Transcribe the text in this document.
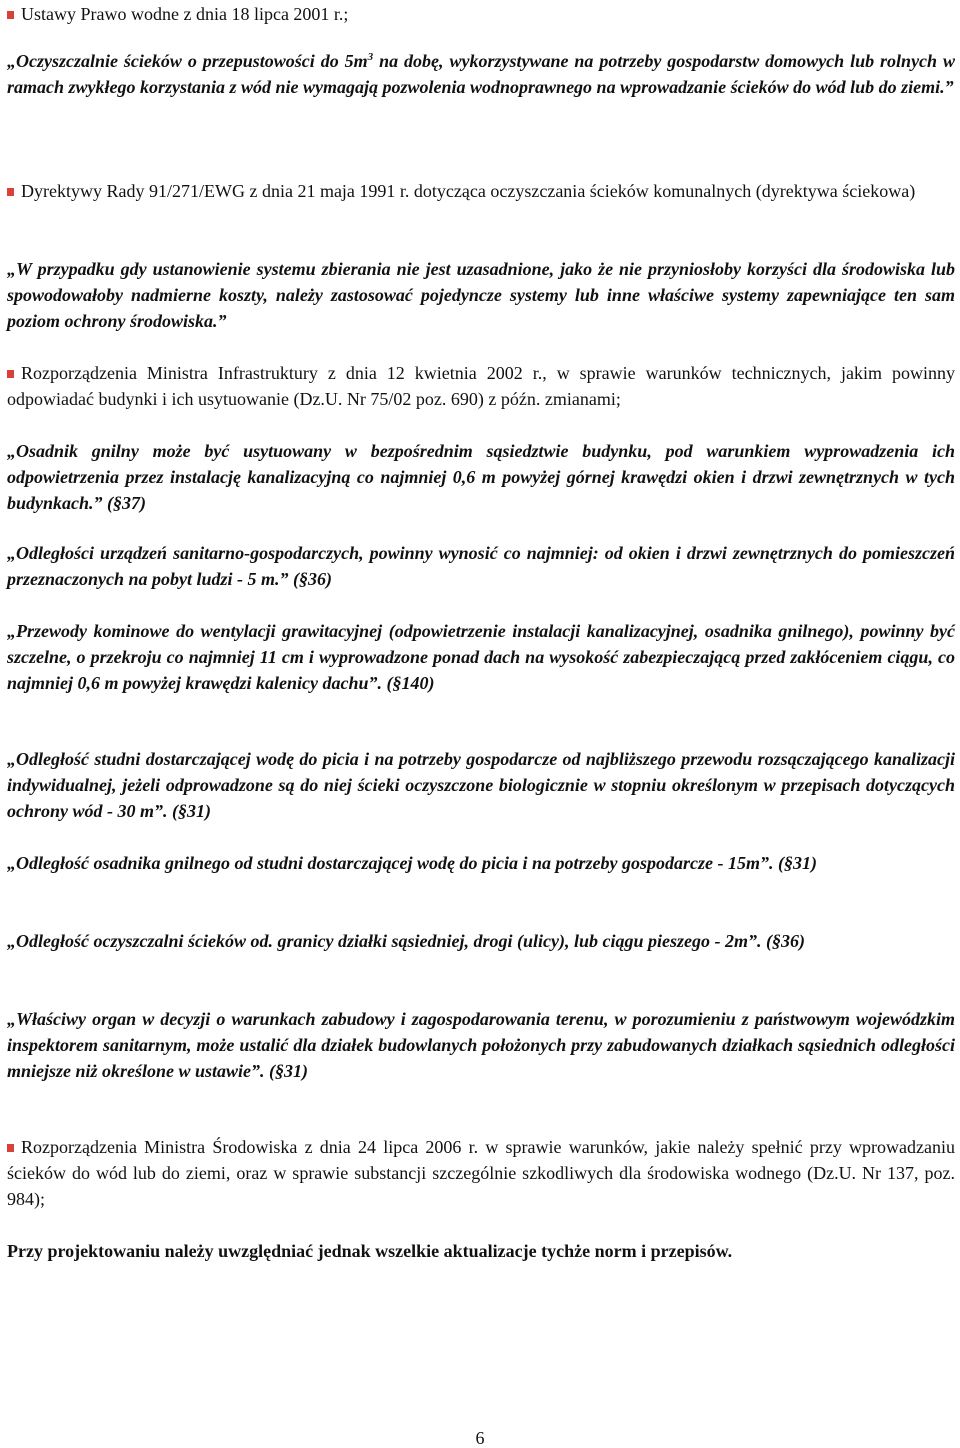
Ustawy Prawo wodne z dnia 18 lipca 2001 r.;

„Oczyszczalnie ścieków o przepustowości do $5m^3$ na dobę, wykorzystywane na potrzeby gospodarstw domowych lub rolnych w ramach zwykłego korzystania z wód nie wymagają pozwolenia wodnoprawnego na wprowadzanie ścieków do wód lub do ziemi.”

Dyrektywy Rady 91/271/EWG z dnia 21 maja 1991 r. dotycząca oczyszczania ścieków komunalnych (dyrektywa ściekowa)

„W przypadku gdy ustanowienie systemu zbierania nie jest uzasadnione, jako że nie przyniosłoby korzyści dla środowiska lub spowodowałoby nadmierne koszty, należy zastosować pojedyncze systemy lub inne właściwe systemy zapewniające ten sam poziom ochrony środowiska.”

Rozporządzenia Ministra Infrastruktury z dnia 12 kwietnia 2002 r., w sprawie warunków technicznych, jakim powinny odpowiadać budynki i ich usytuowanie (Dz.U. Nr 75/02 poz. 690) z późn. zmianami;

„Osadnik gnilny może być usytuowany w bezpośrednim sąsiedztwie budynku, pod warunkiem wyprowadzenia ich odpowietrzenia przez instalację kanalizacyjną co najmniej 0,6 m powyżej górnej krawędzi okien i drzwi zewnętrznych w tych budynkach.” (§37)

„Odległości urządzeń sanitarno-gospodarczych, powinny wynosić co najmniej: od okien i drzwi zewnętrznych do pomieszczeń przeznaczonych na pobyt ludzi - 5 m.” (§36)

„Przewody kominowe do wentylacji grawitacyjnej (odpowietrzenie instalacji kanalizacyjnej, osadnika gnilnego), powinny być szczelne, o przekroju co najmniej 11 cm i wyprowadzone ponad dach na wysokość zabezpieczającą przed zakłóceniem ciągu, co najmniej 0,6 m powyżej krawędzi kalenicy dachu”. (§140)

„Odległość studni dostarczającej wodę do picia i na potrzeby gospodarcze od najbliższego przewodu rozsączającego kanalizacji indywidualnej, jeżeli odprowadzone są do niej ścieki oczyszczone biologicznie w stopniu określonym w przepisach dotyczących ochrony wód - 30 m”. (§31)

„Odległość osadnika gnilnego od studni dostarczającej wodę do picia i na potrzeby gospodarcze - 15m”. (§31)

„Odległość oczyszczalni ścieków od. granicy działki sąsiedniej, drogi (ulicy), lub ciągu pieszego - 2m”. (§36)

„Właściwy organ w decyzji o warunkach zabudowy i zagospodarowania terenu, w porozumieniu z państwowym wojewódzkim inspektorem sanitarnym, może ustalić dla działek budowlanych położonych przy zabudowanych działkach sąsiednich odległości mniejsze niż określone w ustawie”. (§31)

Rozporządzenia Ministra Środowiska z dnia 24 lipca 2006 r. w sprawie warunków, jakie należy spełnić przy wprowadzaniu ścieków do wód lub do ziemi, oraz w sprawie substancji szczególnie szkodliwych dla środowiska wodnego (Dz.U. Nr 137, poz. 984);

Przy projektowaniu należy uwzględniać jednak wszelkie aktualizacje tychże norm i przepisów.

6
